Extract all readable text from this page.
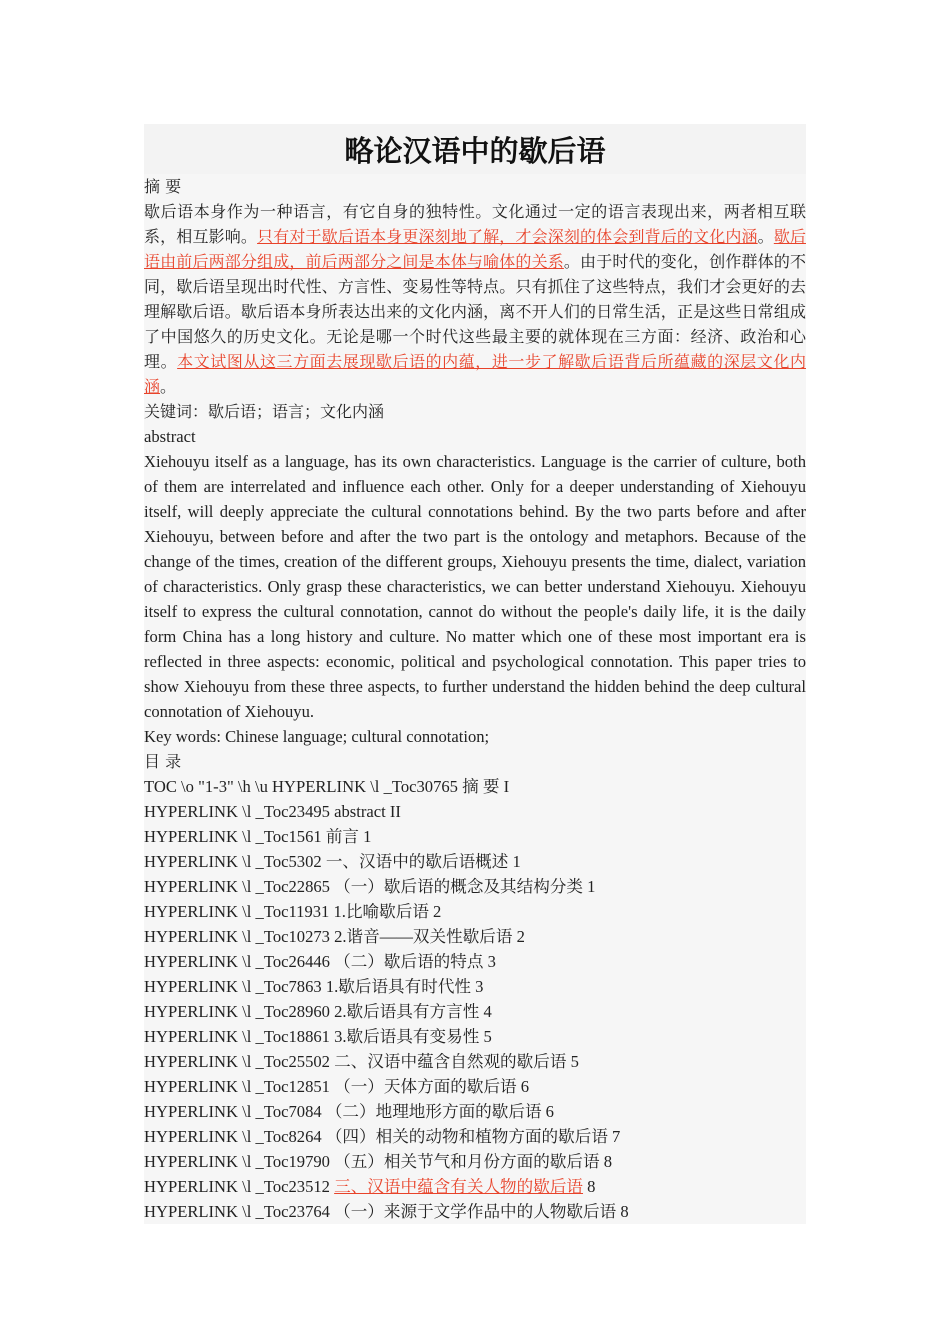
略论汉语中的歇后语
摘 要
歇后语本身作为一种语言，有它自身的独特性。文化通过一定的语言表现出来，两者相互联系，相互影响。只有对于歇后语本身更深刻地了解，才会深刻的体会到背后的文化内涵。歇后语由前后两部分组成，前后两部分之间是本体与喻体的关系。由于时代的变化，创作群体的不同，歇后语呈现出时代性、方言性、变易性等特点。只有抓住了这些特点，我们才会更好的去理解歇后语。歇后语本身所表达出来的文化内涵，离不开人们的日常生活，正是这些日常组成了中国悠久的历史文化。无论是哪一个时代这些最主要的就体现在三方面：经济、政治和心理。本文试图从这三方面去展现歇后语的内蕴，进一步了解歇后语背后所蕴藏的深层文化内涵。
关键词：歇后语；语言；文化内涵
abstract
Xiehouyu itself as a language, has its own characteristics. Language is the carrier of culture, both of them are interrelated and influence each other. Only for a deeper understanding of Xiehouyu itself, will deeply appreciate the cultural connotations behind. By the two parts before and after Xiehouyu, between before and after the two part is the ontology and metaphors. Because of the change of the times, creation of the different groups, Xiehouyu presents the time, dialect, variation of characteristics. Only grasp these characteristics, we can better understand Xiehouyu. Xiehouyu itself to express the cultural connotation, cannot do without the people's daily life, it is the daily form China has a long history and culture. No matter which one of these most important era is reflected in three aspects: economic, political and psychological connotation. This paper tries to show Xiehouyu from these three aspects, to further understand the hidden behind the deep cultural connotation of Xiehouyu.
Key words: Chinese language; cultural connotation;
目 录
TOC \o "1-3" \h \u HYPERLINK \l _Toc30765 摘 要 I
HYPERLINK \l _Toc23495 abstract II
HYPERLINK \l _Toc1561 前言 1
HYPERLINK \l _Toc5302 一、汉语中的歇后语概述 1
HYPERLINK \l _Toc22865 （一）歇后语的概念及其结构分类 1
HYPERLINK \l _Toc11931 1.比喻歇后语 2
HYPERLINK \l _Toc10273 2.谐音——双关性歇后语 2
HYPERLINK \l _Toc26446 （二）歇后语的特点 3
HYPERLINK \l _Toc7863 1.歇后语具有时代性 3
HYPERLINK \l _Toc28960 2.歇后语具有方言性 4
HYPERLINK \l _Toc18861 3.歇后语具有变易性 5
HYPERLINK \l _Toc25502 二、汉语中蕴含自然观的歇后语 5
HYPERLINK \l _Toc12851 （一）天体方面的歇后语 6
HYPERLINK \l _Toc7084 （二）地理地形方面的歇后语 6
HYPERLINK \l _Toc8264 （四）相关的动物和植物方面的歇后语 7
HYPERLINK \l _Toc19790 （五）相关节气和月份方面的歇后语 8
HYPERLINK \l _Toc23512 三、汉语中蕴含有关人物的歇后语 8
HYPERLINK \l _Toc23764 （一）来源于文学作品中的人物歇后语 8
